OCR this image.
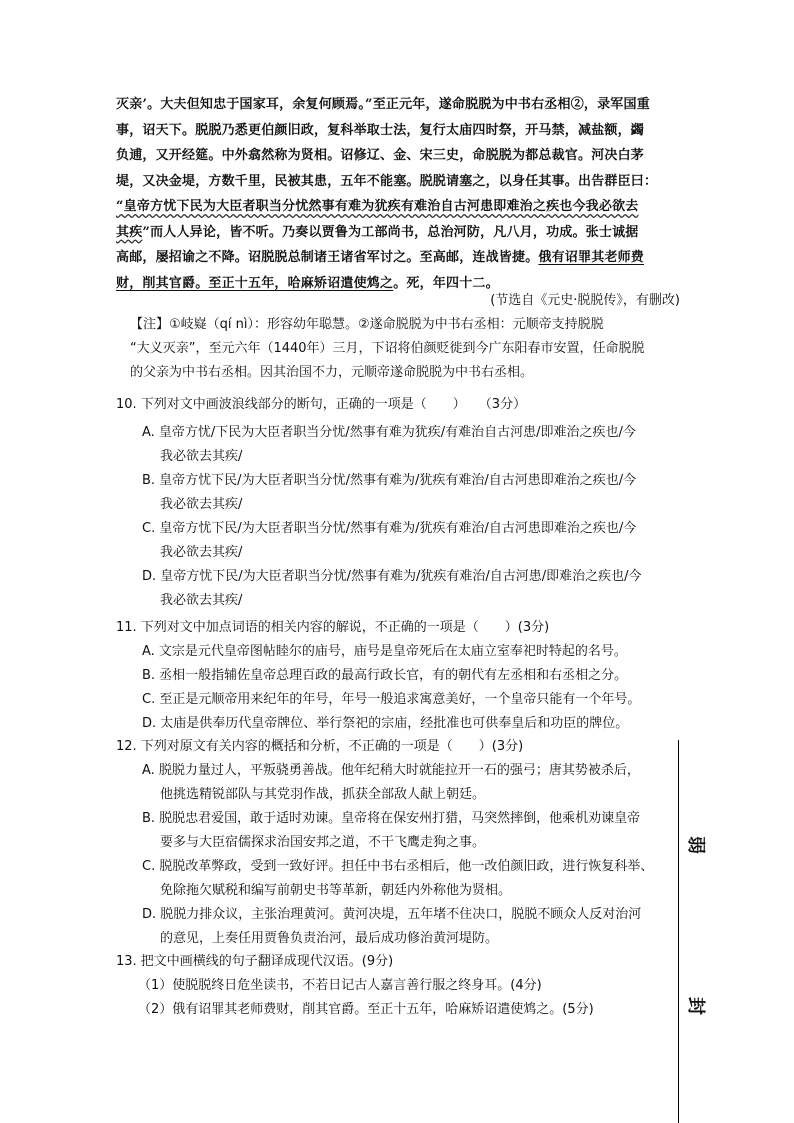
灭亲’。大夫但知忠于国家耳，余复何顾焉。”至正元年，遂命脱脱为中书右丞相②，录军国重
事，诏天下。脱脱乃悉更伯颜旧政，复科举取士法，复行太庙四时祭，开马禁，减盐额，蠲
负逋，又开经筵。中外翕然称为贤相。诏修辽、金、宋三史，命脱脱为都总裁官。河决白茅
堤，又决金堤，方数千里，民被其患，五年不能塞。脱脱请塞之，以身任其事。出告群臣曰：
“皇帝方忧下民为大臣者职当分忧然事有难为犹疾有难治自古河患即难治之疾也今我必欲去
其疾”而人人异论，皆不听。乃奏以贾鲁为工部尚书，总治河防，凡八月，功成。张士诚据
高邮，屡招谕之不降。诏脱脱总制诸王诸省军讨之。至高邮，连战皆捷。俄有诏罪其老师费
财，削其官爵。至正十五年，哈麻矫诏遣使鸩之。死，年四十二。
(节选自《元史·脱脱传》，有删改)
【注】①岐嶷（qí nì）：形容幼年聪慧。②遂命脱脱为中书右丞相：元顺帝支持脱脱
“大义灭亲”，至元六年（1440年）三月，下诏将伯颜贬徙到今广东阳春市安置，任命脱脱
的父亲为中书右丞相。因其治国不力，元顺帝遂命脱脱为中书右丞相。
10. 下列对文中画波浪线部分的断句，正确的一项是（　　）　　（3分）
A. 皇帝方忧/下民为大臣者职当分忧/然事有难为犹疾/有难治自古河患/即难治之疾也/今
我必欲去其疾/
B. 皇帝方忧下民/为大臣者职当分忧/然事有难为/犹疾有难治/自古河患即难治之疾也/今
我必欲去其疾/
C. 皇帝方忧下民/为大臣者职当分忧/然事有难为/犹疾有难治/自古河患即难治之疾也/今
我必欲去其疾/
D. 皇帝方忧下民/为大臣者职当分忧/然事有难为/犹疾有难治/自古河患/即难治之疾也/今
我必欲去其疾/
11. 下列对文中加点词语的相关内容的解说，不正确的一项是（　　）(3分)
A. 文宗是元代皇帝图帖睦尔的庙号，庙号是皇帝死后在太庙立室奉祀时特起的名号。
B. 丞相一般指辅佐皇帝总理百政的最高行政长官，有的朝代有左丞相和右丞相之分。
C. 至正是元顺帝用来纪年的年号，年号一般追求寓意美好，一个皇帝只能有一个年号。
D. 太庙是供奉历代皇帝牌位、举行祭祀的宗庙，经批准也可供奉皇后和功臣的牌位。
12. 下列对原文有关内容的概括和分析，不正确的一项是（　　）(3分)
A. 脱脱力量过人，平叛骁勇善战。他年纪稍大时就能拉开一石的强弓；唐其势被杀后，
他挑选精锐部队与其党羽作战，抓获全部敌人献上朝廷。
B. 脱脱忠君爱国，敢于适时劝谏。皇帝将在保安州打猎，马突然摔倒，他乘机劝谏皇帝
要多与大臣宿儒探求治国安邦之道，不干飞鹰走狗之事。
C. 脱脱改革弊政，受到一致好评。担任中书右丞相后，他一改伯颜旧政，进行恢复科举、
免除拖欠赋税和编写前朝史书等革新，朝廷内外称他为贤相。
D. 脱脱力排众议，主张治理黄河。黄河决堤，五年堵不住决口，脱脱不顾众人反对治河
的意见，上奏任用贾鲁负责治河，最后成功修治黄河堤防。
13. 把文中画横线的句子翻译成现代汉语。(9分)
（1）使脱脱终日危坐读书，不若日记古人嘉言善行服之终身耳。(4分)
（2）俄有诏罪其老师费财，削其官爵。至正十五年，哈麻矫诏遣使鸩之。(5分)
弱
封
